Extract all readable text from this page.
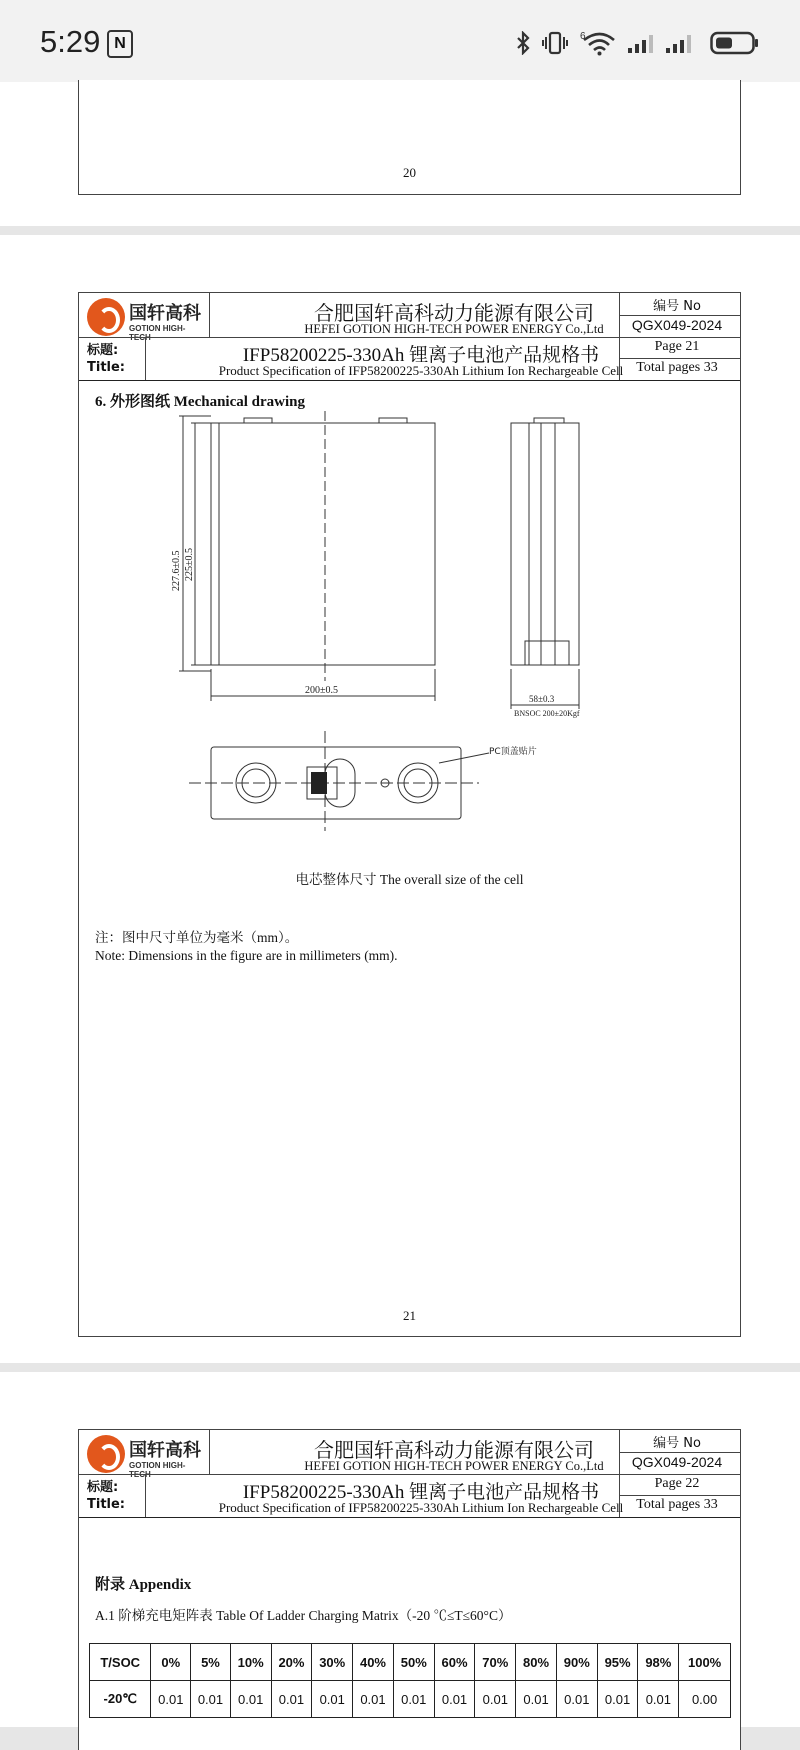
5:29 N	6
20
国轩高科
GOTION HIGH-
合肥国轩高科动力能源有限公司
HEFEI GOTION HIGH-TECH POWER ENERGY Co.,Ltd
标题:
Title:
IFP58200225-330Ah 锂离子电池产品规格书
Product Specification of IFP58200225-330Ah Lithium Ion Rechargeable Cell
编号 No
QGX049-2024
Page 21
Total pages 33
6. 外形图纸 Mechanical drawing
227.6±0.5 225±0.5
200±0.5
58±0.3
BNSOC 200±20Kgf
PC顶盖贴片
电芯整体尺寸 The overall size of the cell
注：图中尺寸单位为毫米（mm）。
Note: Dimensions in the figure are in millimeters (mm).
21
国轩高科
GOTION HIGH-
合肥国轩高科动力能源有限公司
HEFEI GOTION HIGH-TECH POWER ENERGY Co.,Ltd
标题:
Title:
IFP58200225-330Ah 锂离子电池产品规格书
Product Specification of IFP58200225-330Ah Lithium Ion Rechargeable Cell
编号 No
QGX049-2024
Page 22
Total pages 33
附录 Appendix
A.1 阶梯充电矩阵表 Table Of Ladder Charging Matrix（-20 ℃≤T≤60°C）
T/SOC	0%	5%	10%	20%	30%	40%	50%	60%	70%	80%	90%	95%	98%	100%
-20℃	0.01	0.01	0.01	0.01	0.01	0.01	0.01	0.01	0.01	0.01	0.01	0.01	0.01	0.00
